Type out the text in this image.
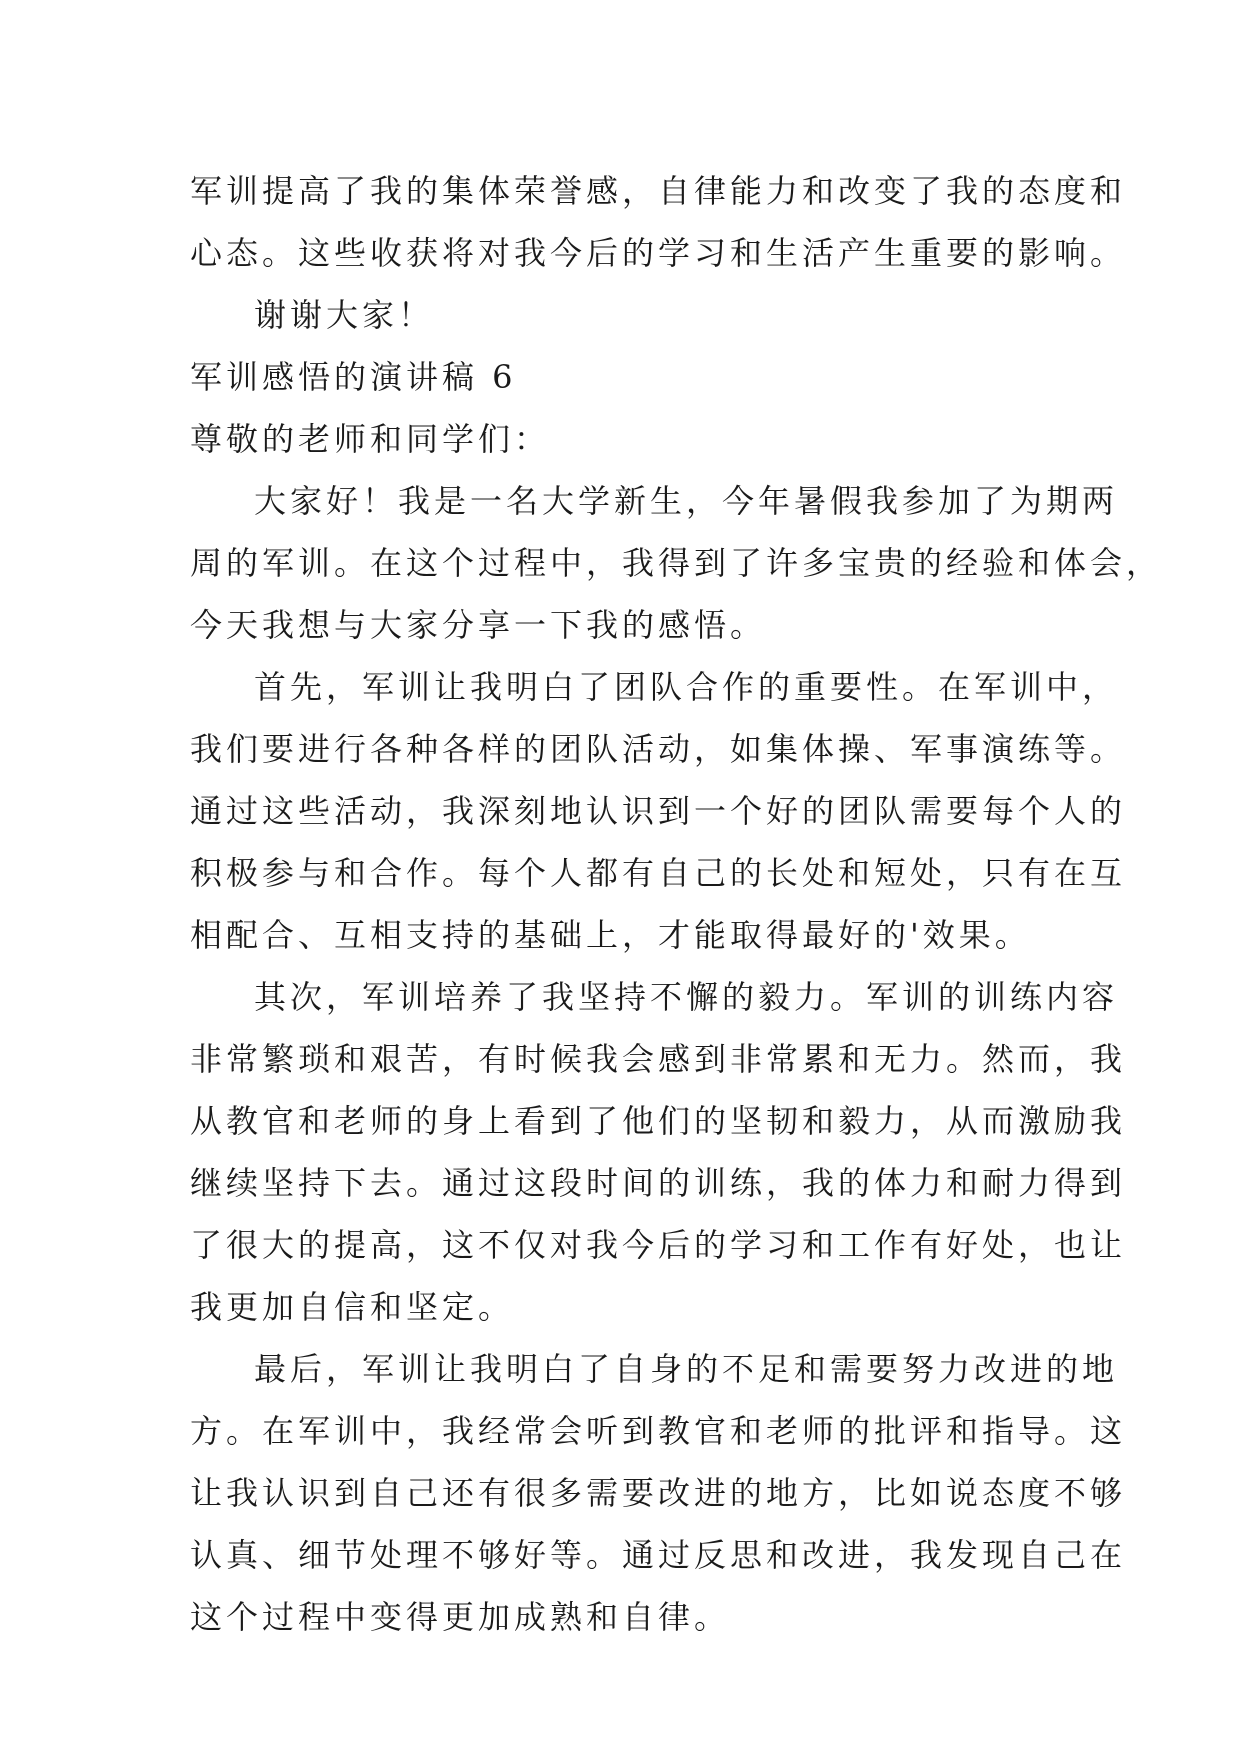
军训提高了我的集体荣誉感，自律能力和改变了我的态度和
心态。这些收获将对我今后的学习和生活产生重要的影响。

谢谢大家！

军训感悟的演讲稿 6

尊敬的老师和同学们：

大家好！我是一名大学新生，今年暑假我参加了为期两
周的军训。在这个过程中，我得到了许多宝贵的经验和体会，
今天我想与大家分享一下我的感悟。

首先，军训让我明白了团队合作的重要性。在军训中，
我们要进行各种各样的团队活动，如集体操、军事演练等。
通过这些活动，我深刻地认识到一个好的团队需要每个人的
积极参与和合作。每个人都有自己的长处和短处，只有在互
相配合、互相支持的基础上，才能取得最好的'效果。

其次，军训培养了我坚持不懈的毅力。军训的训练内容
非常繁琐和艰苦，有时候我会感到非常累和无力。然而，我
从教官和老师的身上看到了他们的坚韧和毅力，从而激励我
继续坚持下去。通过这段时间的训练，我的体力和耐力得到
了很大的提高，这不仅对我今后的学习和工作有好处，也让
我更加自信和坚定。

最后，军训让我明白了自身的不足和需要努力改进的地
方。在军训中，我经常会听到教官和老师的批评和指导。这
让我认识到自己还有很多需要改进的地方，比如说态度不够
认真、细节处理不够好等。通过反思和改进，我发现自己在
这个过程中变得更加成熟和自律。
